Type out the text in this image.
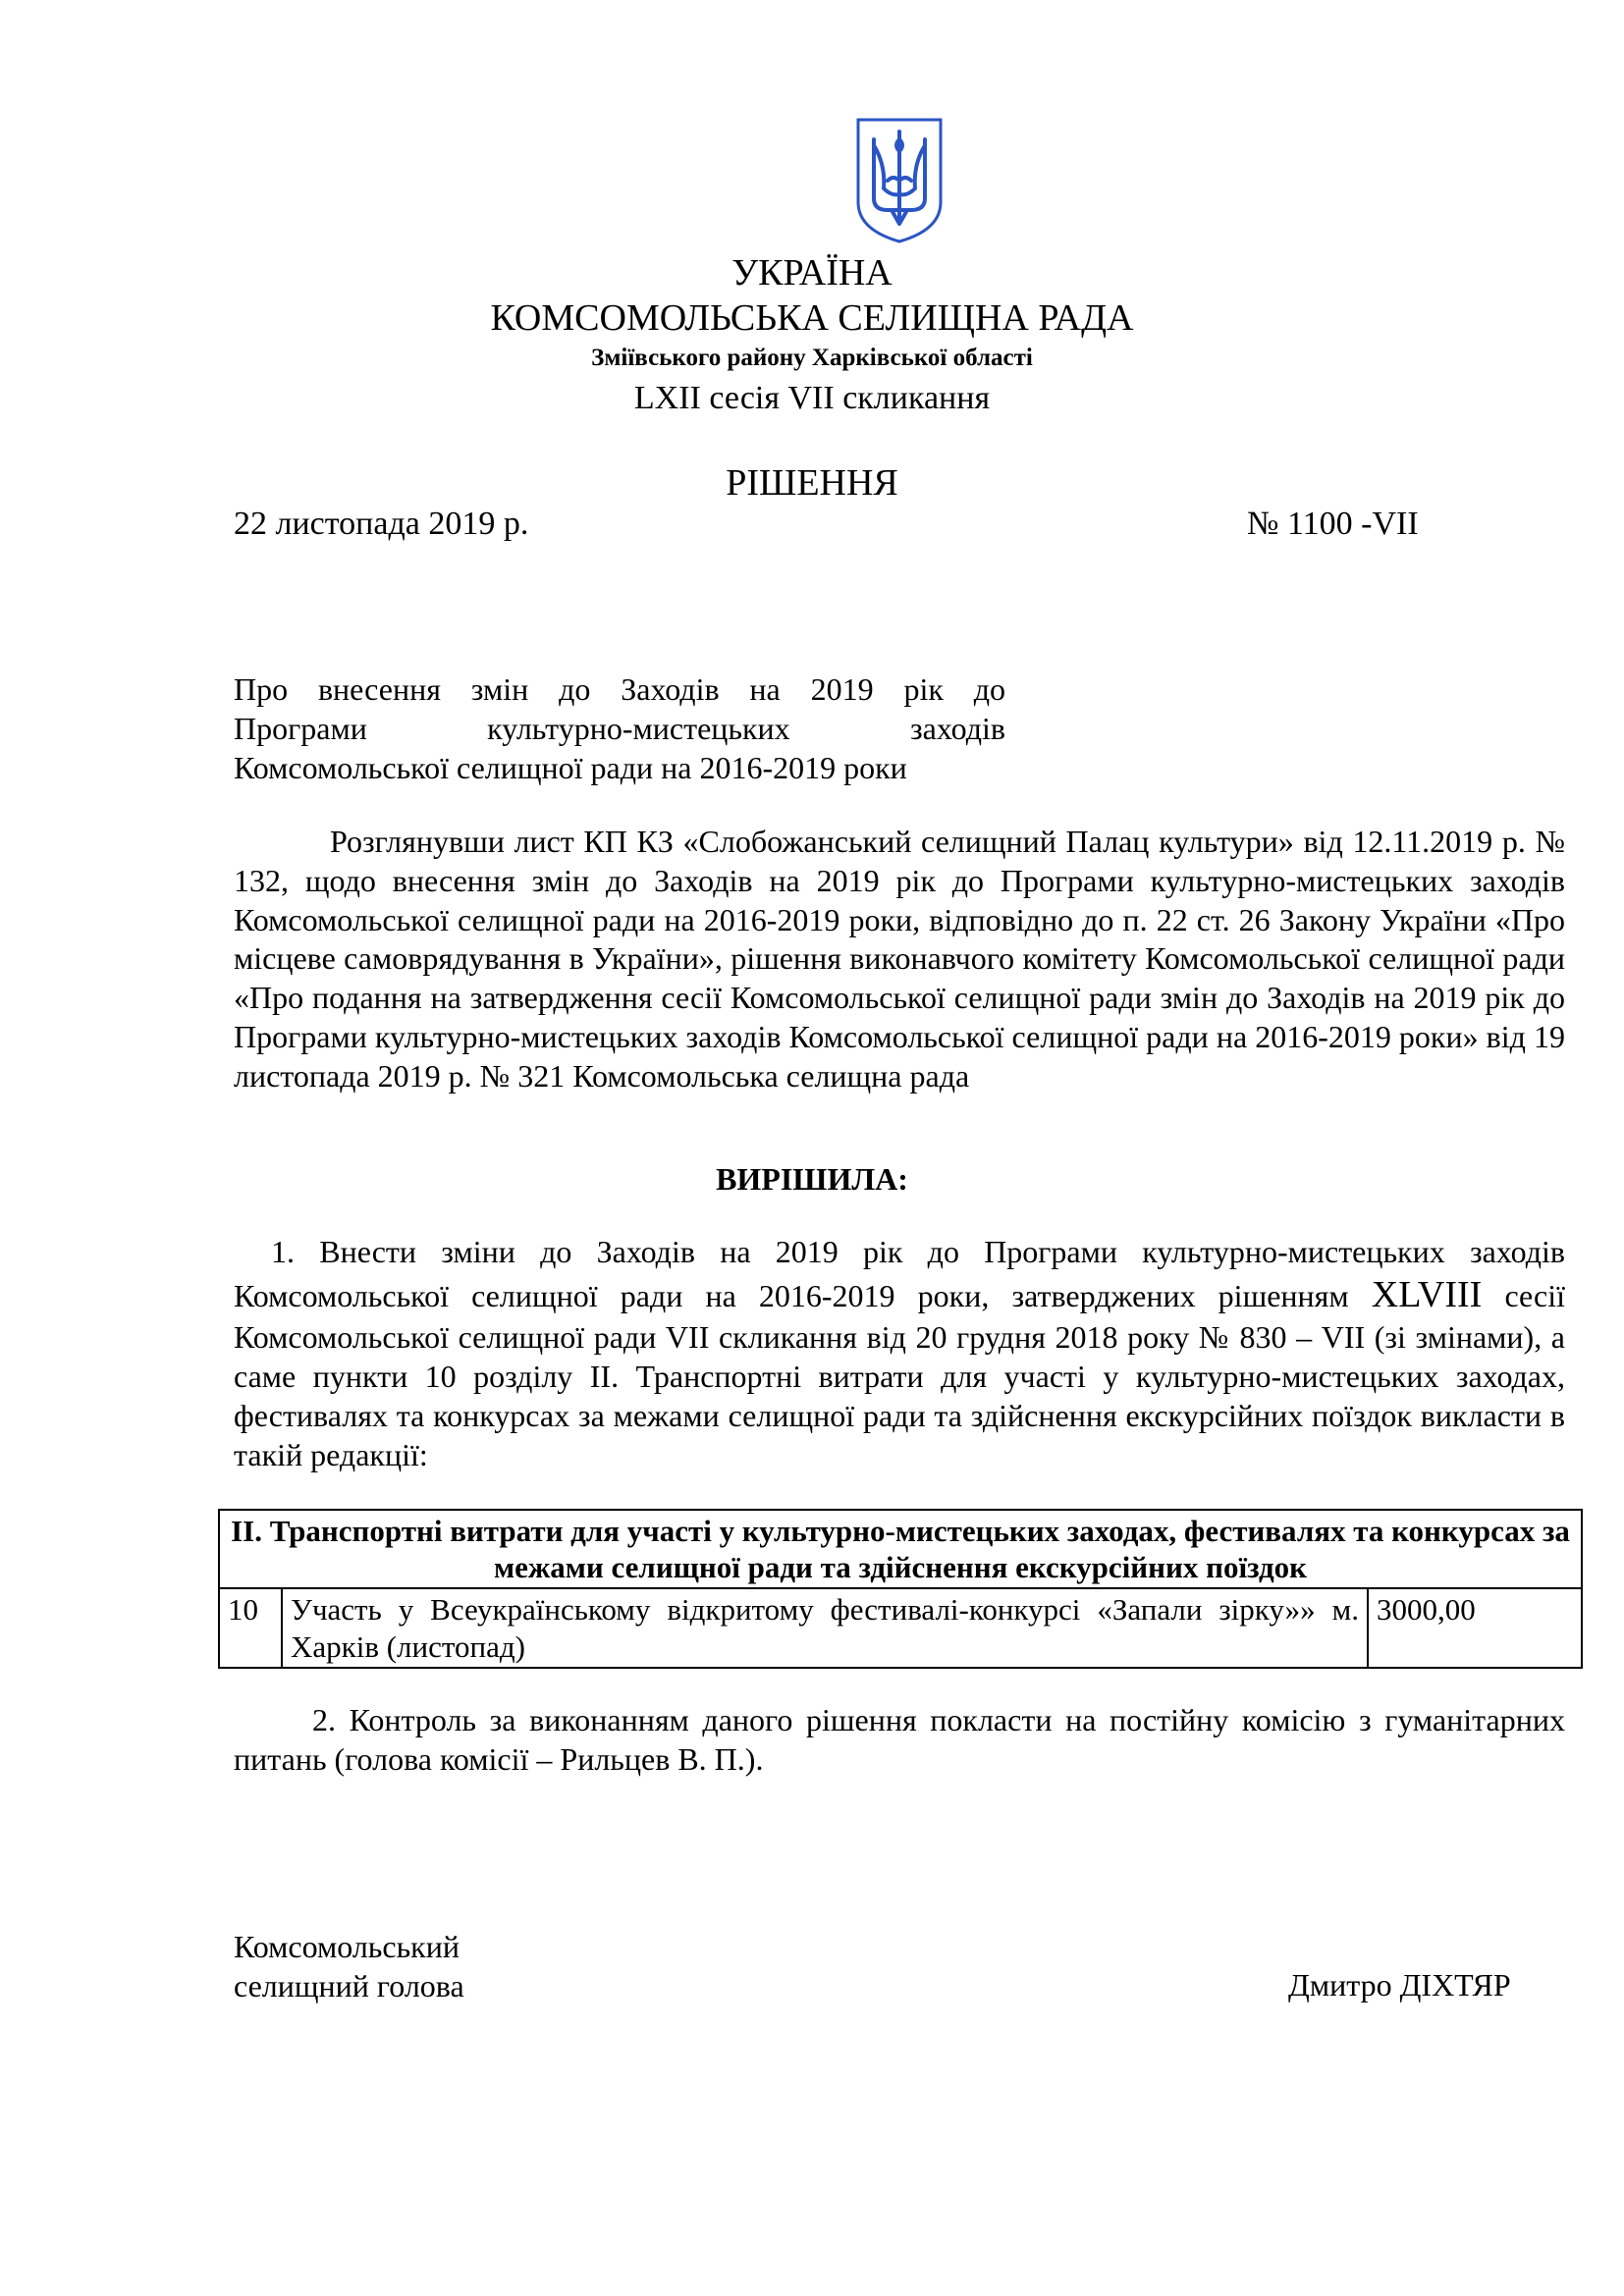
УКРАЇНА
КОМСОМОЛЬСЬКА СЕЛИЩНА РАДА
Зміївського району Харківської області
LXII сесія VII скликання
РІШЕННЯ
22 листопада 2019 р.	№ 1100 -VII
Про внесення змін до Заходів на 2019 рік до
Програми культурно-мистецьких заходів
Комсомольської селищної ради на 2016-2019 роки
Розглянувши лист КП КЗ «Слобожанський селищний Палац культури» від 12.11.2019 р. № 132, щодо внесення змін до Заходів на 2019 рік до Програми культурно-мистецьких заходів Комсомольської селищної ради на 2016-2019 роки, відповідно до п. 22 ст. 26 Закону України «Про місцеве самоврядування в України», рішення виконавчого комітету Комсомольської селищної ради «Про подання на затвердження сесії Комсомольської селищної ради змін до Заходів на 2019 рік до Програми культурно-мистецьких заходів Комсомольської селищної ради на 2016-2019 роки» від 19 листопада 2019 р. № 321 Комсомольська селищна рада
ВИРІШИЛА:
1. Внести зміни до Заходів на 2019 рік до Програми культурно-мистецьких заходів Комсомольської селищної ради на 2016-2019 роки, затверджених рішенням XLVIII сесії Комсомольської селищної ради VII скликання від 20 грудня 2018 року № 830 – VII (зі змінами), а саме пункти 10 розділу ІІ. Транспортні витрати для участі у культурно-мистецьких заходах, фестивалях та конкурсах за межами селищної ради та здійснення екскурсійних поїздок викласти в такій редакції:
ІІ. Транспортні витрати для участі у культурно-мистецьких заходах, фестивалях та конкурсах за межами селищної ради та здійснення екскурсійних поїздок
10	Участь у Всеукраїнському відкритому фестивалі-конкурсі «Запали зірку»» м. Харків (листопад)	3000,00
2. Контроль за виконанням даного рішення покласти на постійну комісію з гуманітарних питань (голова комісії – Рильцев В. П.).
Комсомольський
селищний голова	Дмитро ДІХТЯР
